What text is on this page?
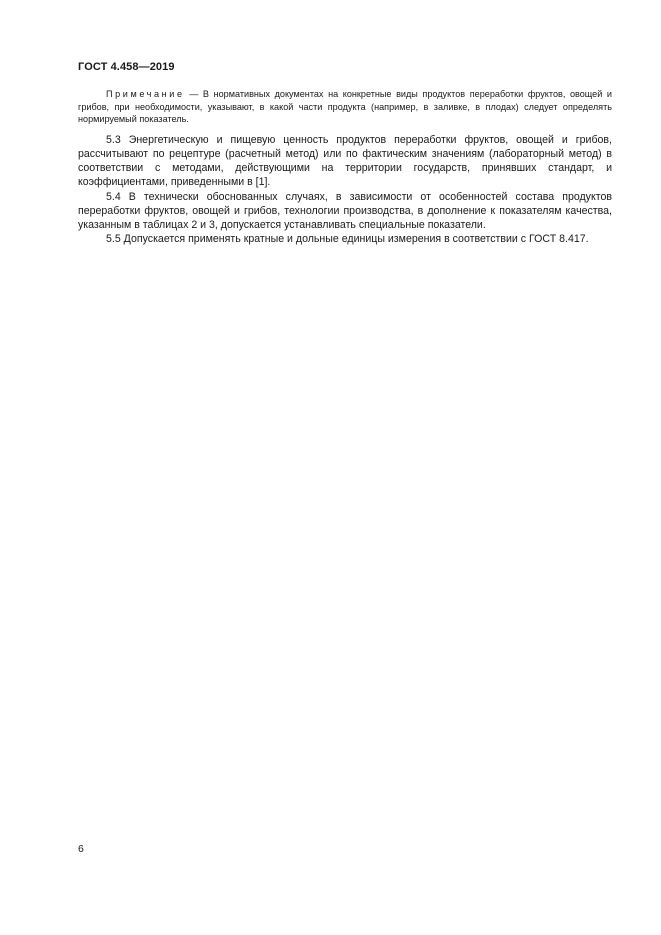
ГОСТ 4.458—2019

Примечание — В нормативных документах на конкретные виды продуктов переработки фруктов, овощей и грибов, при необходимости, указывают, в какой части продукта (например, в заливке, в плодах) следует определять нормируемый показатель.

5.3 Энергетическую и пищевую ценность продуктов переработки фруктов, овощей и грибов, рассчитывают по рецептуре (расчетный метод) или по фактическим значениям (лабораторный метод) в соответствии с методами, действующими на территории государств, принявших стандарт, и коэффициентами, приведенными в [1].

5.4 В технически обоснованных случаях, в зависимости от особенностей состава продуктов переработки фруктов, овощей и грибов, технологии производства, в дополнение к показателям качества, указанным в таблицах 2 и 3, допускается устанавливать специальные показатели.

5.5 Допускается применять кратные и дольные единицы измерения в соответствии с ГОСТ 8.417.

6
